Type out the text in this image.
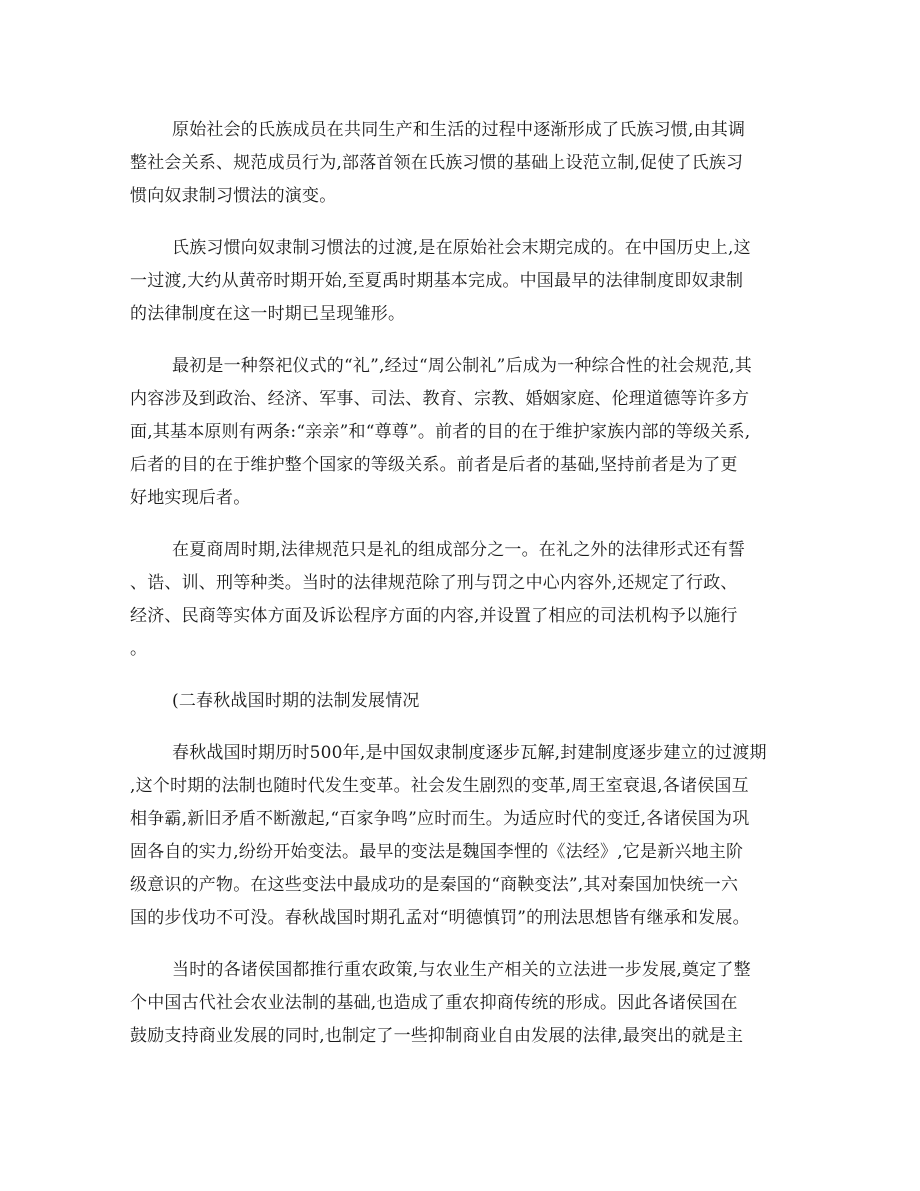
原始社会的氏族成员在共同生产和生活的过程中逐渐形成了氏族习惯,由其调
整社会关系、规范成员行为,部落首领在氏族习惯的基础上设范立制,促使了氏族习
惯向奴隶制习惯法的演变。
氏族习惯向奴隶制习惯法的过渡,是在原始社会末期完成的。在中国历史上,这
一过渡,大约从黄帝时期开始,至夏禹时期基本完成。中国最早的法律制度即奴隶制
的法律制度在这一时期已呈现雏形。
最初是一种祭祀仪式的“礼”,经过“周公制礼”后成为一种综合性的社会规范,其
内容涉及到政治、经济、军事、司法、教育、宗教、婚姻家庭、伦理道德等许多方
面,其基本原则有两条:“亲亲”和“尊尊”。前者的目的在于维护家族内部的等级关系,
后者的目的在于维护整个国家的等级关系。前者是后者的基础,坚持前者是为了更
好地实现后者。
在夏商周时期,法律规范只是礼的组成部分之一。在礼之外的法律形式还有誓
、诰、训、刑等种类。当时的法律规范除了刑与罚之中心内容外,还规定了行政、
经济、民商等实体方面及诉讼程序方面的内容,并设置了相应的司法机构予以施行
。
(二春秋战国时期的法制发展情况
春秋战国时期历时500年,是中国奴隶制度逐步瓦解,封建制度逐步建立的过渡期
,这个时期的法制也随时代发生变革。社会发生剧烈的变革,周王室衰退,各诸侯国互
相争霸,新旧矛盾不断激起,“百家争鸣”应时而生。为适应时代的变迁,各诸侯国为巩
固各自的实力,纷纷开始变法。最早的变法是魏国李悝的《法经》,它是新兴地主阶
级意识的产物。在这些变法中最成功的是秦国的“商鞅变法”,其对秦国加快统一六
国的步伐功不可没。春秋战国时期孔孟对“明德慎罚”的刑法思想皆有继承和发展。
当时的各诸侯国都推行重农政策,与农业生产相关的立法进一步发展,奠定了整
个中国古代社会农业法制的基础,也造成了重农抑商传统的形成。因此各诸侯国在
鼓励支持商业发展的同时,也制定了一些抑制商业自由发展的法律,最突出的就是主
